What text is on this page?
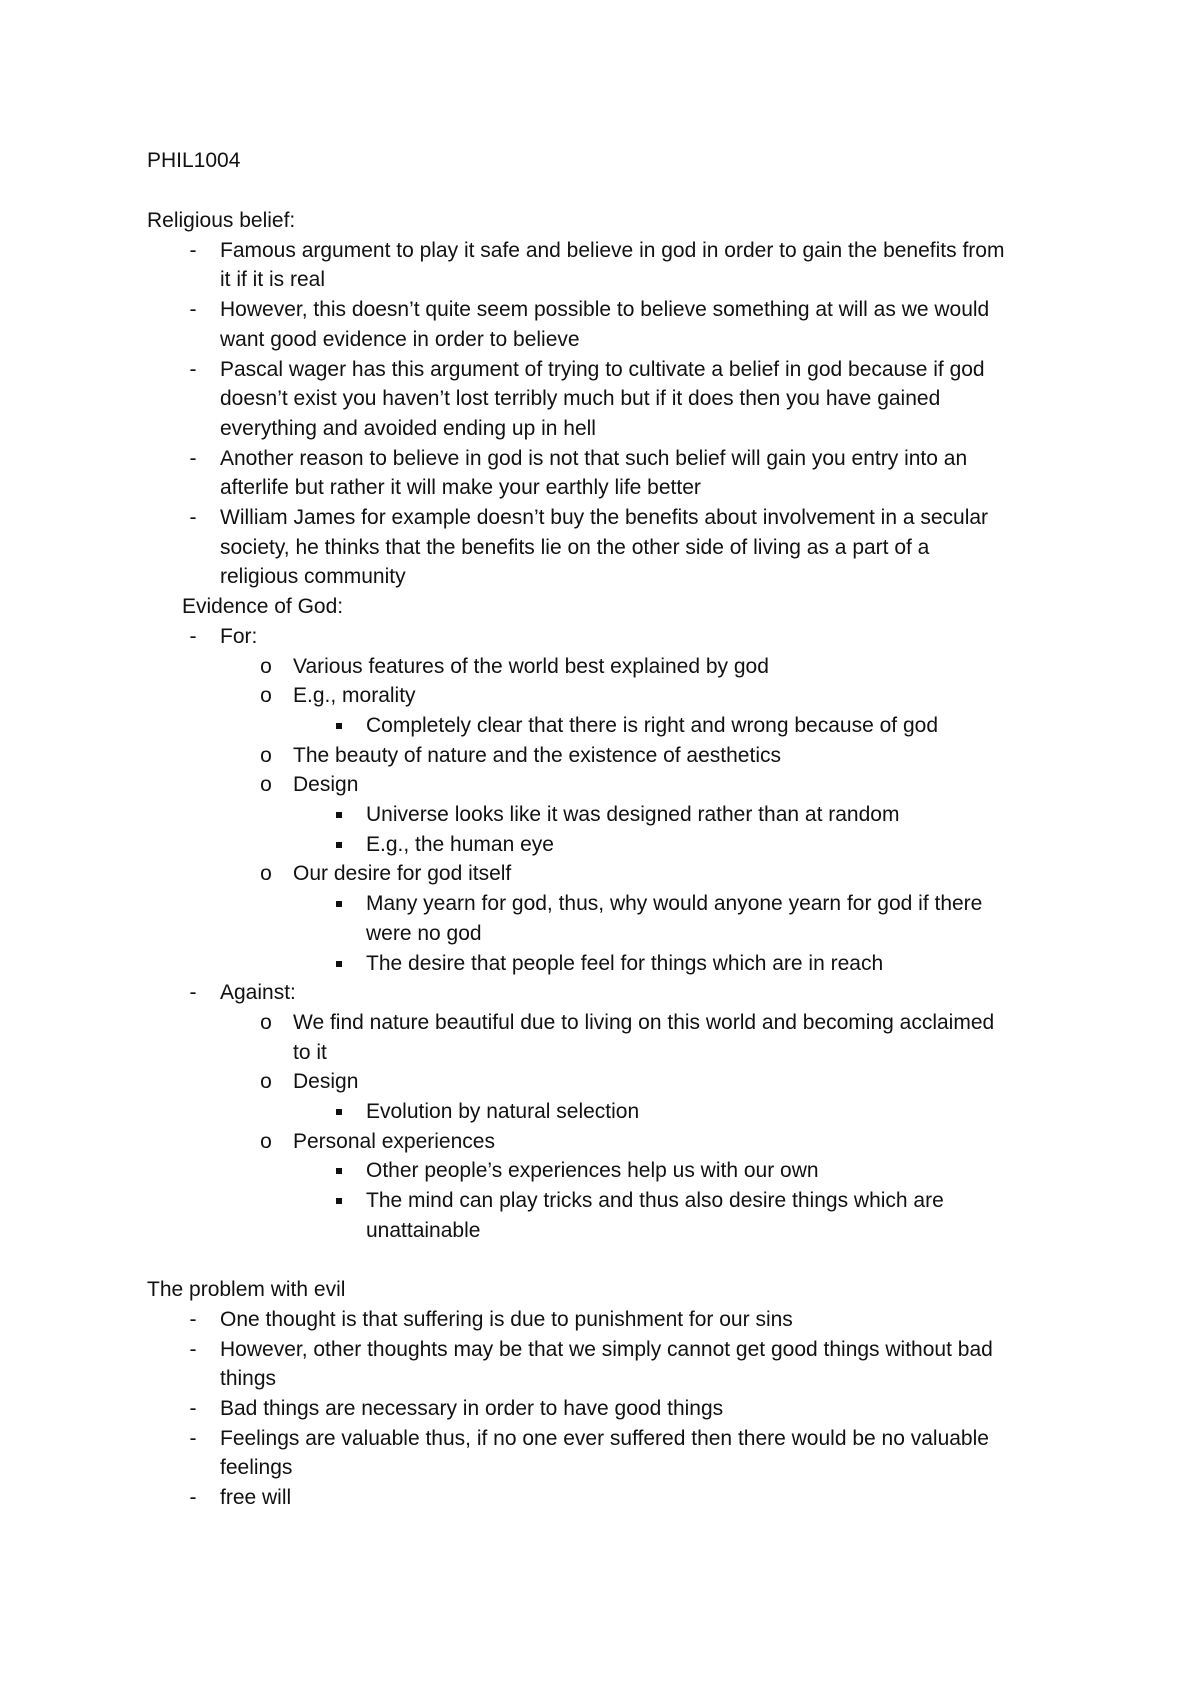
PHIL1004
Religious belief:
- Famous argument to play it safe and believe in god in order to gain the benefits from
it if it is real
- However, this doesn’t quite seem possible to believe something at will as we would
want good evidence in order to believe
- Pascal wager has this argument of trying to cultivate a belief in god because if god
doesn’t exist you haven’t lost terribly much but if it does then you have gained
everything and avoided ending up in hell
- Another reason to believe in god is not that such belief will gain you entry into an
afterlife but rather it will make your earthly life better
- William James for example doesn’t buy the benefits about involvement in a secular
society, he thinks that the benefits lie on the other side of living as a part of a
religious community
Evidence of God:
- For:
o Various features of the world best explained by god
o E.g., morality
Completely clear that there is right and wrong because of god
o The beauty of nature and the existence of aesthetics
o Design
Universe looks like it was designed rather than at random
E.g., the human eye
o Our desire for god itself
Many yearn for god, thus, why would anyone yearn for god if there
were no god
The desire that people feel for things which are in reach
- Against:
o We find nature beautiful due to living on this world and becoming acclaimed
to it
o Design
Evolution by natural selection
o Personal experiences
Other people’s experiences help us with our own
The mind can play tricks and thus also desire things which are
unattainable
The problem with evil
- One thought is that suffering is due to punishment for our sins
- However, other thoughts may be that we simply cannot get good things without bad
things
- Bad things are necessary in order to have good things
- Feelings are valuable thus, if no one ever suffered then there would be no valuable
feelings
- free will
